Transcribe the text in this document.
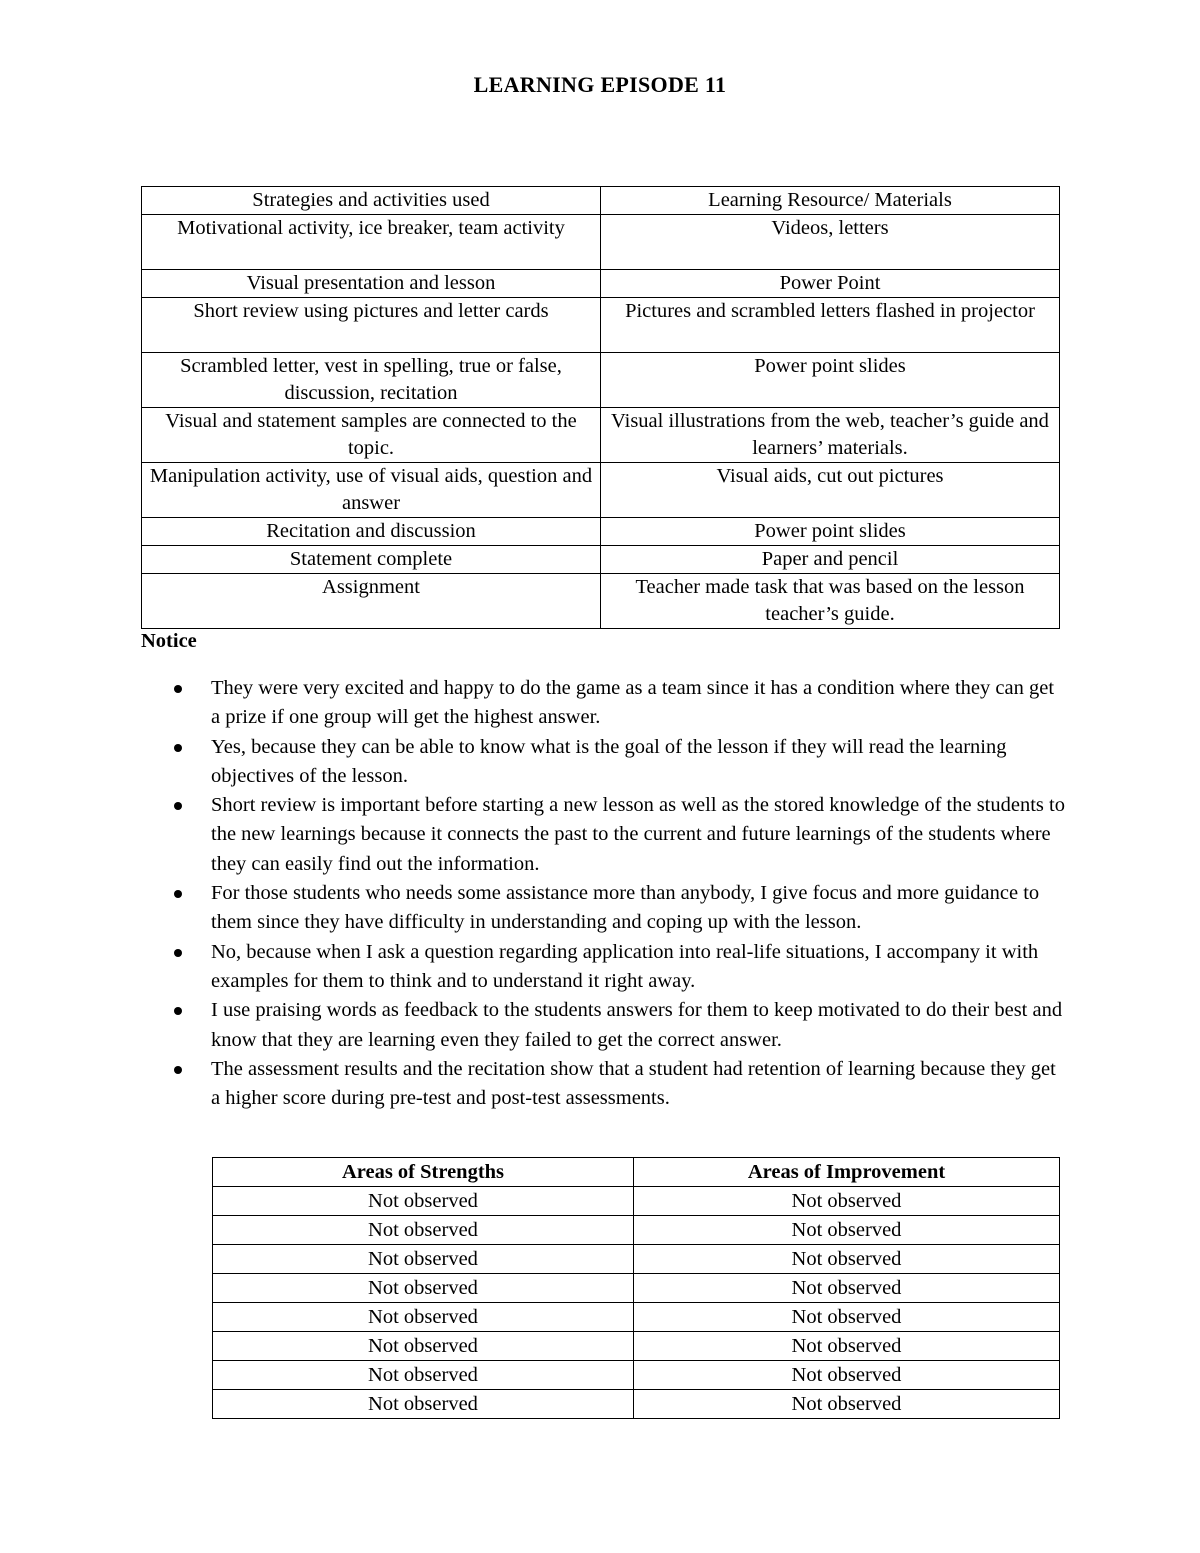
LEARNING EPISODE 11
Strategies and activities used	Learning Resource/ Materials
Motivational activity, ice breaker, team activity	Videos, letters
Visual presentation and lesson	Power Point
Short review using pictures and letter cards	Pictures and scrambled letters flashed in projector
Scrambled letter, vest in spelling, true or false, discussion, recitation	Power point slides
Visual and statement samples are connected to the topic.	Visual illustrations from the web, teacher’s guide and learners’ materials.
Manipulation activity, use of visual aids, question and answer	Visual aids, cut out pictures
Recitation and discussion	Power point slides
Statement complete	Paper and pencil
Assignment	Teacher made task that was based on the lesson teacher’s guide.
Notice
They were very excited and happy to do the game as a team since it has a condition where they can get a prize if one group will get the highest answer.
Yes, because they can be able to know what is the goal of the lesson if they will read the learning objectives of the lesson.
Short review is important before starting a new lesson as well as the stored knowledge of the students to the new learnings because it connects the past to the current and future learnings of the students where they can easily find out the information.
For those students who needs some assistance more than anybody, I give focus and more guidance to them since they have difficulty in understanding and coping up with the lesson.
No, because when I ask a question regarding application into real-life situations, I accompany it with examples for them to think and to understand it right away.
I use praising words as feedback to the students answers for them to keep motivated to do their best and know that they are learning even they failed to get the correct answer.
The assessment results and the recitation show that a student had retention of learning because they get a higher score during pre-test and post-test assessments.
Areas of Strengths	Areas of Improvement
Not observed	Not observed
Not observed	Not observed
Not observed	Not observed
Not observed	Not observed
Not observed	Not observed
Not observed	Not observed
Not observed	Not observed
Not observed	Not observed
